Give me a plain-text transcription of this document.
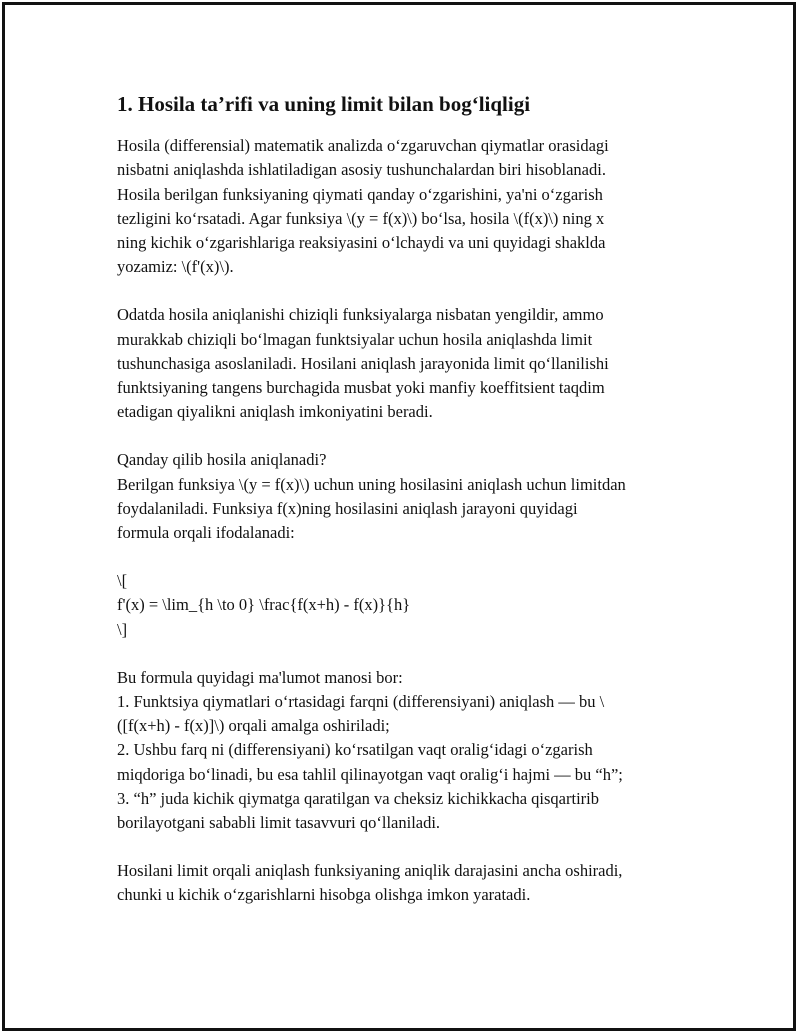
1. Hosila ta’rifi va uning limit bilan bog‘liqligi
Hosila (differensial) matematik analizda o‘zgaruvchan qiymatlar orasidagi
nisbatni aniqlashda ishlatiladigan asosiy tushunchalardan biri hisoblanadi.
Hosila berilgan funksiyaning qiymati qanday o‘zgarishini, ya'ni o‘zgarish
tezligini ko‘rsatadi. Agar funksiya \(y = f(x)\) bo‘lsa, hosila \(f(x)\) ning x
ning kichik o‘zgarishlariga reaksiyasini o‘lchaydi va uni quyidagi shaklda
yozamiz: \(f'(x)\).
Odatda hosila aniqlanishi chiziqli funksiyalarga nisbatan yengildir, ammo
murakkab chiziqli bo‘lmagan funktsiyalar uchun hosila aniqlashda limit
tushunchasiga asoslaniladi. Hosilani aniqlash jarayonida limit qo‘llanilishi
funktsiyaning tangens burchagida musbat yoki manfiy koeffitsient taqdim
etadigan qiyalikni aniqlash imkoniyatini beradi.
Qanday qilib hosila aniqlanadi?
Berilgan funksiya \(y = f(x)\) uchun uning hosilasini aniqlash uchun limitdan
foydalaniladi. Funksiya f(x)ning hosilasini aniqlash jarayoni quyidagi
formula orqali ifodalanadi:
\[
f'(x) = \lim_{h \to 0} \frac{f(x+h) - f(x)}{h}
\]
Bu formula quyidagi ma'lumot manosi bor:
1. Funktsiya qiymatlari o‘rtasidagi farqni (differensiyani) aniqlash — bu \
([f(x+h) - f(x)]\) orqali amalga oshiriladi;
2. Ushbu farq ni (differensiyani) ko‘rsatilgan vaqt oralig‘idagi o‘zgarish
miqdoriga bo‘linadi, bu esa tahlil qilinayotgan vaqt oralig‘i hajmi — bu “h”;
3. “h” juda kichik qiymatga qaratilgan va cheksiz kichikkacha qisqartirib
borilayotgani sababli limit tasavvuri qo‘llaniladi.
Hosilani limit orqali aniqlash funksiyaning aniqlik darajasini ancha oshiradi,
chunki u kichik o‘zgarishlarni hisobga olishga imkon yaratadi.
